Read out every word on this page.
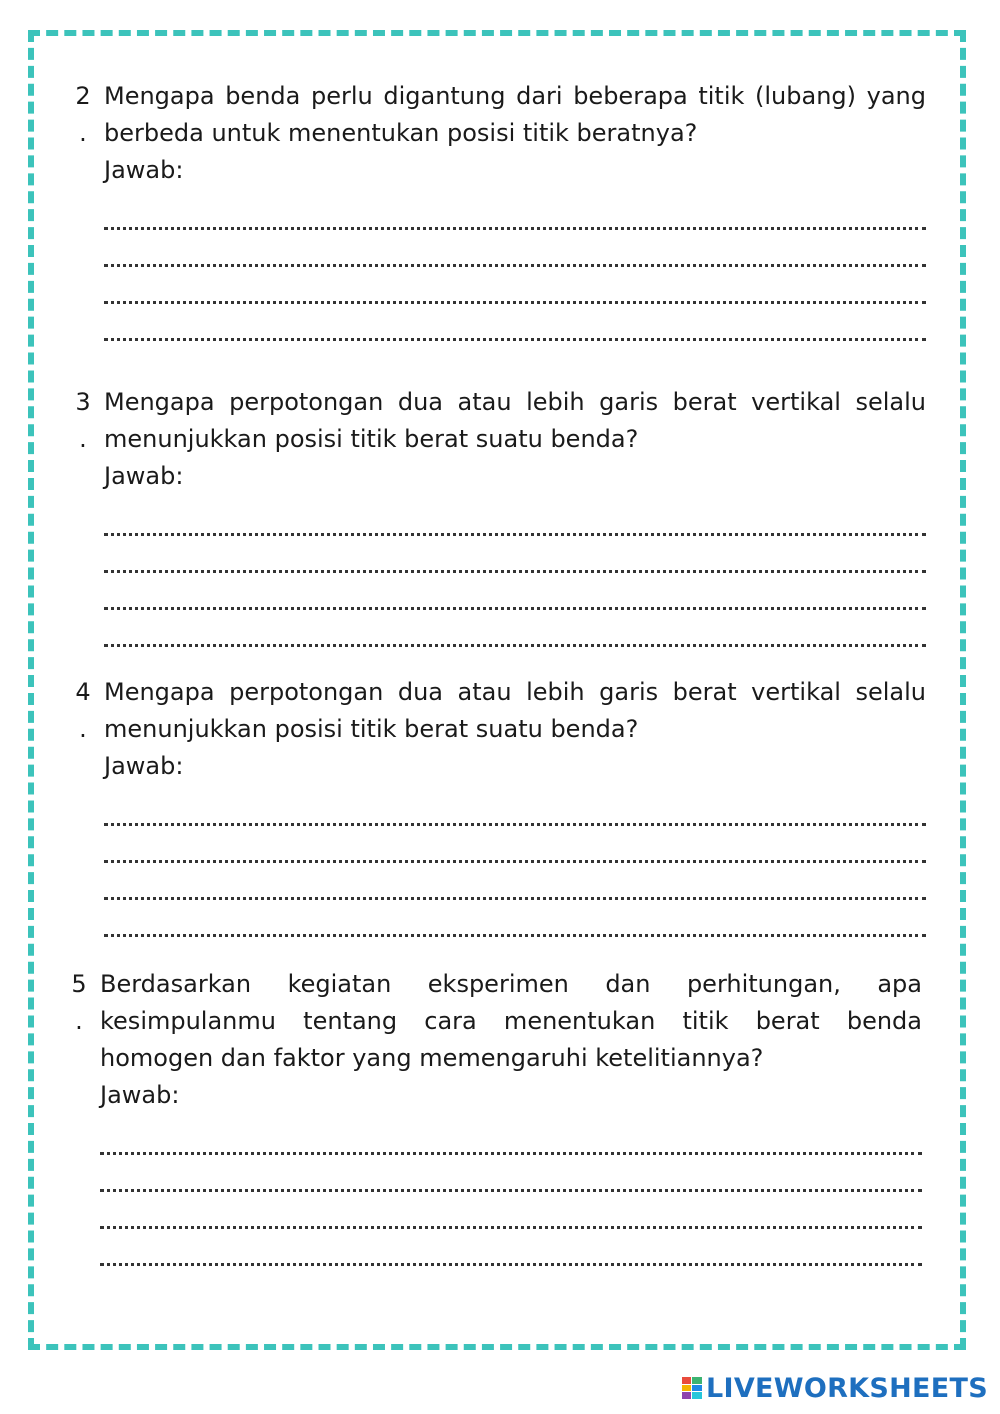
2
.
Mengapa benda perlu digantung dari beberapa titik (lubang) yang berbeda untuk menentukan posisi titik beratnya?
Jawab:
3
.
Mengapa perpotongan dua atau lebih garis berat vertikal selalu menunjukkan posisi titik berat suatu benda?
Jawab:
4
.
Mengapa perpotongan dua atau lebih garis berat vertikal selalu menunjukkan posisi titik berat suatu benda?
Jawab:
5
.
Berdasarkan kegiatan eksperimen dan perhitungan, apa kesimpulanmu tentang cara menentukan titik berat benda homogen dan faktor yang memengaruhi ketelitiannya?
Jawab:
LIVEWORKSHEETS
